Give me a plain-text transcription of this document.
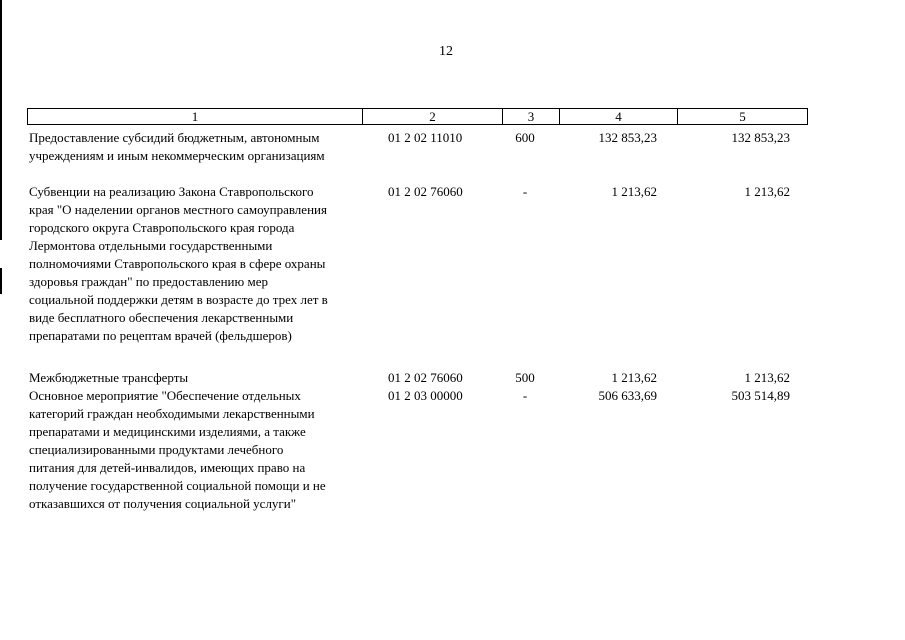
12
1	2	3	4	5
Предоставление субсидий бюджетным, автономным
учреждениям и иным некоммерческим организациям
01 2 02 11010	600	132 853,23	132 853,23
Субвенции на реализацию Закона Ставропольского
края "О наделении органов местного самоуправления
городского округа Ставропольского края города
Лермонтова отдельными государственными
полномочиями Ставропольского края в сфере охраны
здоровья граждан" по предоставлению мер
социальной поддержки детям в возрасте до трех лет в
виде бесплатного обеспечения лекарственными
препаратами по рецептам врачей (фельдшеров)
01 2 02 76060	-	1 213,62	1 213,62
Межбюджетные трансферты	01 2 02 76060	500	1 213,62	1 213,62
Основное мероприятие "Обеспечение отдельных
категорий граждан необходимыми лекарственными
препаратами и медицинскими изделиями, а также
специализированными продуктами лечебного
питания для детей-инвалидов, имеющих право на
получение государственной социальной помощи и не
отказавшихся от получения социальной услуги"
01 2 03 00000	-	506 633,69	503 514,89
